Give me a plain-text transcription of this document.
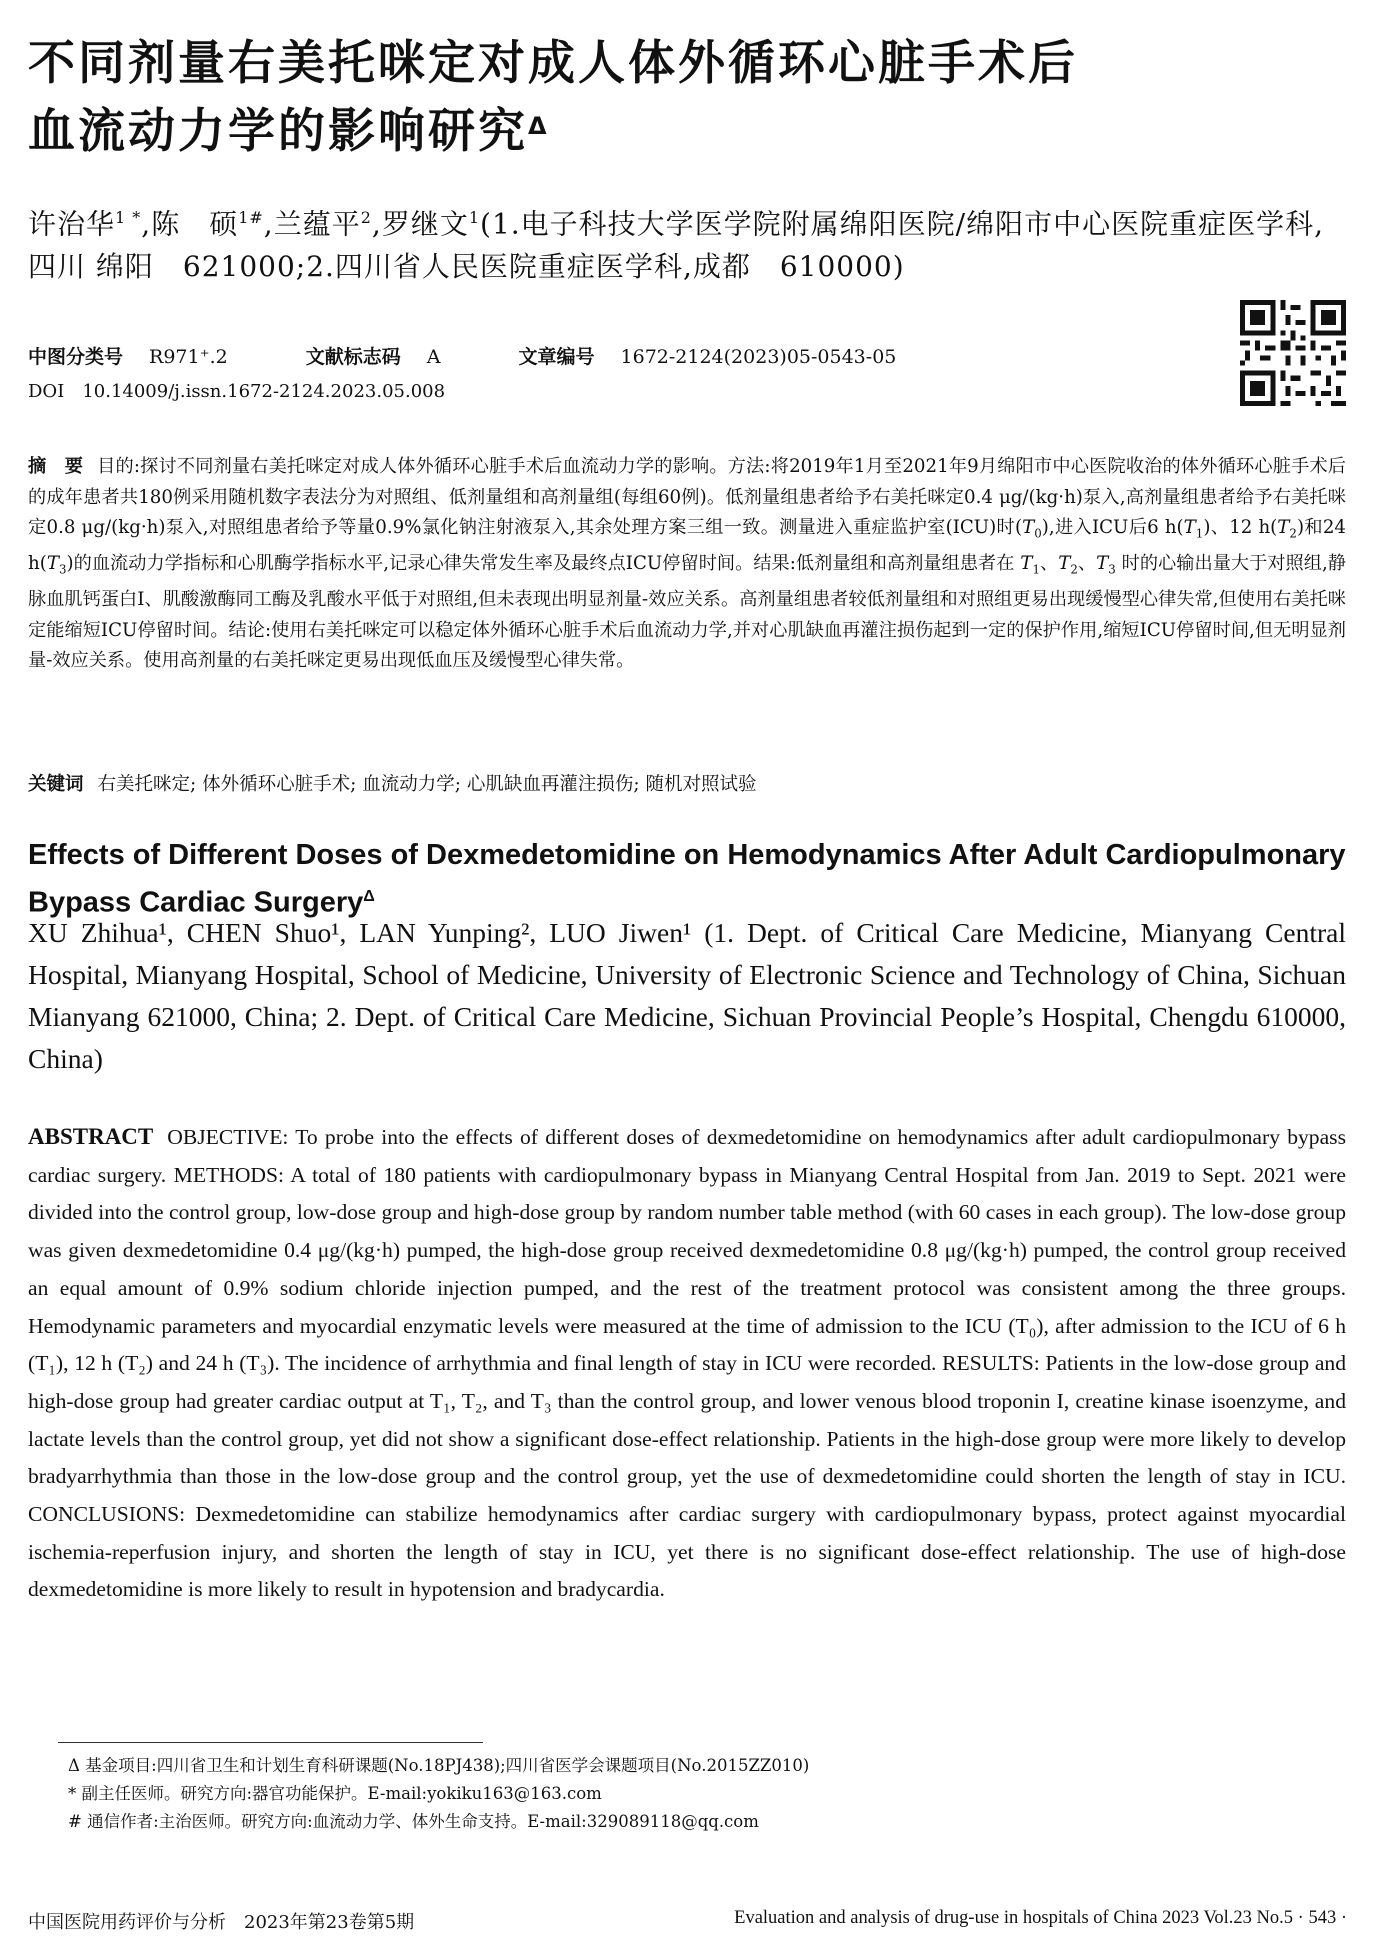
不同剂量右美托咪定对成人体外循环心脏手术后
血流动力学的影响研究$^\Delta$
许治华$^{1 *}$,陈　硕$^{1\#}$,兰蕴平$^2$,罗继文$^1$(1.电子科技大学医学院附属绵阳医院/绵阳市中心医院重症医学科,
四川 绵阳　621000;2.四川省人民医院重症医学科,成都　610000)
中图分类号 R971⁺.2	文献标志码 A	文章编号 1672-2124(2023)05-0543-05
DOI 10.14009/j.issn.1672-2124.2023.05.008
摘　要 目的:探讨不同剂量右美托咪定对成人体外循环心脏手术后血流动力学的影响。方法:将2019年1月至2021年9月绵阳市中心医院收治的体外循环心脏手术后的成年患者共180例采用随机数字表法分为对照组、低剂量组和高剂量组(每组60例)。低剂量组患者给予右美托咪定0.4 μg/(kg·h)泵入,高剂量组患者给予右美托咪定0.8 μg/(kg·h)泵入,对照组患者给予等量0.9%氯化钠注射液泵入,其余处理方案三组一致。测量进入重症监护室(ICU)时$(T_0)$,进入ICU后6 $h(T_1)$、12 $h(T_2)$和24 $h(T_3)$的血流动力学指标和心肌酶学指标水平,记录心律失常发生率及最终点ICU停留时间。结果:低剂量组和高剂量组患者在 $T_1$、$T_2$、$T_3$ 时的心输出量大于对照组,静脉血肌钙蛋白Ⅰ、肌酸激酶同工酶及乳酸水平低于对照组,但未表现出明显剂量-效应关系。高剂量组患者较低剂量组和对照组更易出现缓慢型心律失常,但使用右美托咪定能缩短ICU停留时间。结论:使用右美托咪定可以稳定体外循环心脏手术后血流动力学,并对心肌缺血再灌注损伤起到一定的保护作用,缩短ICU停留时间,但无明显剂量-效应关系。使用高剂量的右美托咪定更易出现低血压及缓慢型心律失常。
关键词 右美托咪定; 体外循环心脏手术; 血流动力学; 心肌缺血再灌注损伤; 随机对照试验
Effects of Different Doses of Dexmedetomidine on Hemodynamics After Adult Cardiopulmonary
Bypass Cardiac Surgery$^\Delta$
XU Zhihua¹, CHEN Shuo¹, LAN Yunping², LUO Jiwen¹ (1. Dept. of Critical Care Medicine, Mianyang Central Hospital, Mianyang Hospital, School of Medicine, University of Electronic Science and Technology of China, Sichuan Mianyang 621000, China; 2. Dept. of Critical Care Medicine, Sichuan Provincial People’s Hospital, Chengdu 610000, China)
ABSTRACT OBJECTIVE: To probe into the effects of different doses of dexmedetomidine on hemodynamics after adult cardiopulmonary bypass cardiac surgery. METHODS: A total of 180 patients with cardiopulmonary bypass in Mianyang Central Hospital from Jan. 2019 to Sept. 2021 were divided into the control group, low-dose group and high-dose group by random number table method (with 60 cases in each group). The low-dose group was given dexmedetomidine 0.4 μg/(kg·h) pumped, the high-dose group received dexmedetomidine 0.8 μg/(kg·h) pumped, the control group received an equal amount of 0.9% sodium chloride injection pumped, and the rest of the treatment protocol was consistent among the three groups. Hemodynamic parameters and myocardial enzymatic levels were measured at the time of admission to the ICU (T₀), after admission to the ICU of 6 h (T₁), 12 h (T₂) and 24 h (T₃). The incidence of arrhythmia and final length of stay in ICU were recorded. RESULTS: Patients in the low-dose group and high-dose group had greater cardiac output at T₁, T₂, and T₃ than the control group, and lower venous blood troponin I, creatine kinase isoenzyme, and lactate levels than the control group, yet did not show a significant dose-effect relationship. Patients in the high-dose group were more likely to develop bradyarrhythmia than those in the low-dose group and the control group, yet the use of dexmedetomidine could shorten the length of stay in ICU. CONCLUSIONS: Dexmedetomidine can stabilize hemodynamics after cardiac surgery with cardiopulmonary bypass, protect against myocardial ischemia-reperfusion injury, and shorten the length of stay in ICU, yet there is no significant dose-effect relationship. The use of high-dose dexmedetomidine is more likely to result in hypotension and bradycardia.
Δ 基金项目:四川省卫生和计划生育科研课题(No.18PJ438);四川省医学会课题项目(No.2015ZZ010)
* 副主任医师。研究方向:器官功能保护。E-mail:yokiku163@163.com
# 通信作者:主治医师。研究方向:血流动力学、体外生命支持。E-mail:329089118@qq.com
中国医院用药评价与分析　2023年第23卷第5期	Evaluation and analysis of drug-use in hospitals of China 2023 Vol.23 No.5 · 543 ·
